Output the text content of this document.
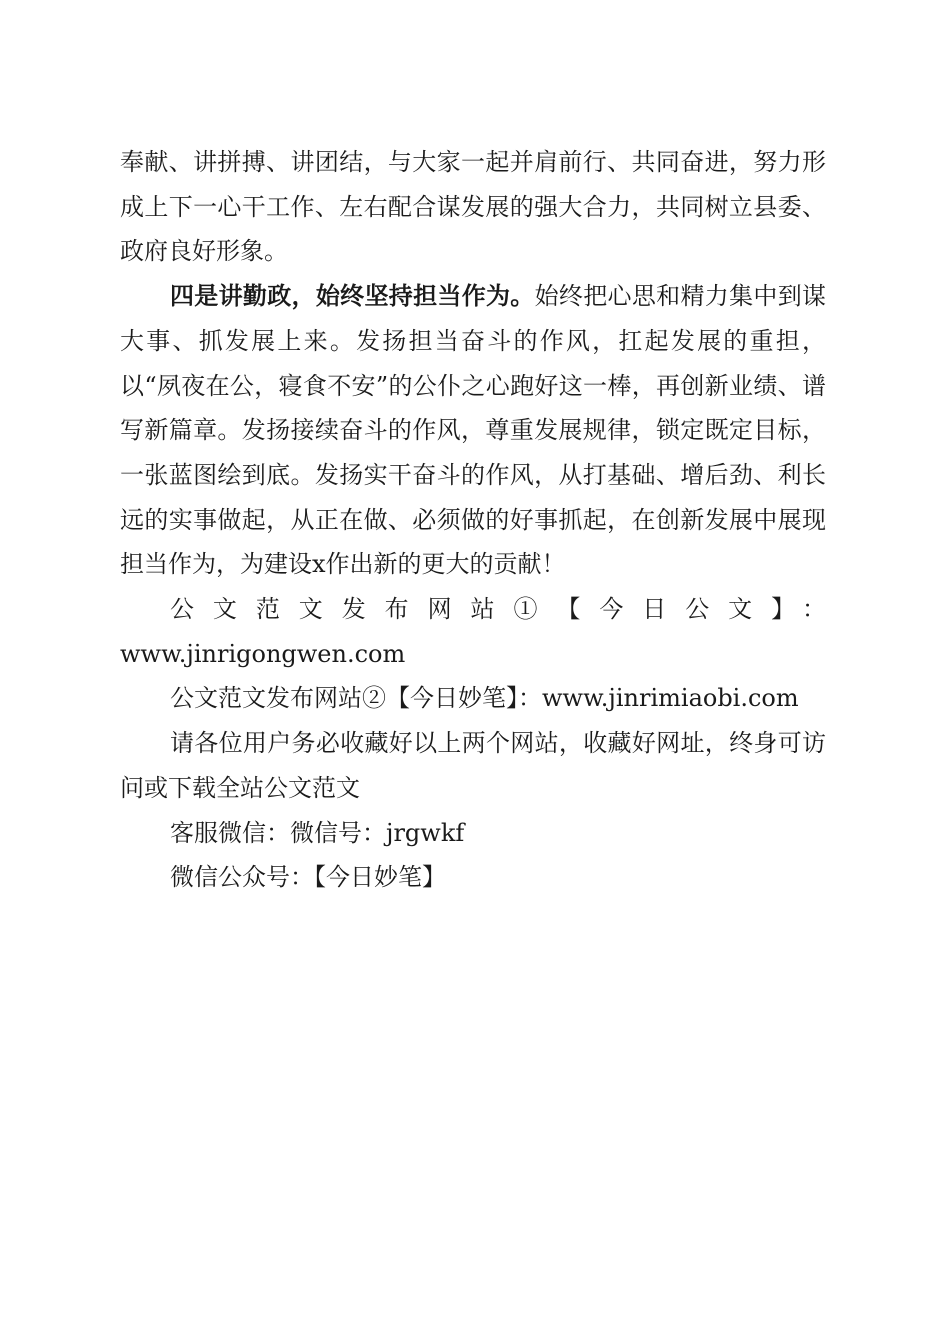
奉献、讲拼搏、讲团结，与大家一起并肩前行、共同奋进，努力形成上下一心干工作、左右配合谋发展的强大合力，共同树立县委、政府良好形象。

四是讲勤政，始终坚持担当作为。始终把心思和精力集中到谋大事、抓发展上来。发扬担当奋斗的作风，扛起发展的重担，以“夙夜在公，寝食不安”的公仆之心跑好这一棒，再创新业绩、谱写新篇章。发扬接续奋斗的作风，尊重发展规律，锁定既定目标，一张蓝图绘到底。发扬实干奋斗的作风，从打基础、增后劲、利长远的实事做起，从正在做、必须做的好事抓起，在创新发展中展现担当作为，为建设x作出新的更大的贡献！

公文范文发布网站①【今日公文】：
www.jinrigongwen.com

公文范文发布网站②【今日妙笔】：www.jinrimiaobi.com

请各位用户务必收藏好以上两个网站，收藏好网址，终身可访问或下载全站公文范文

客服微信：微信号：jrgwkf

微信公众号：【今日妙笔】
